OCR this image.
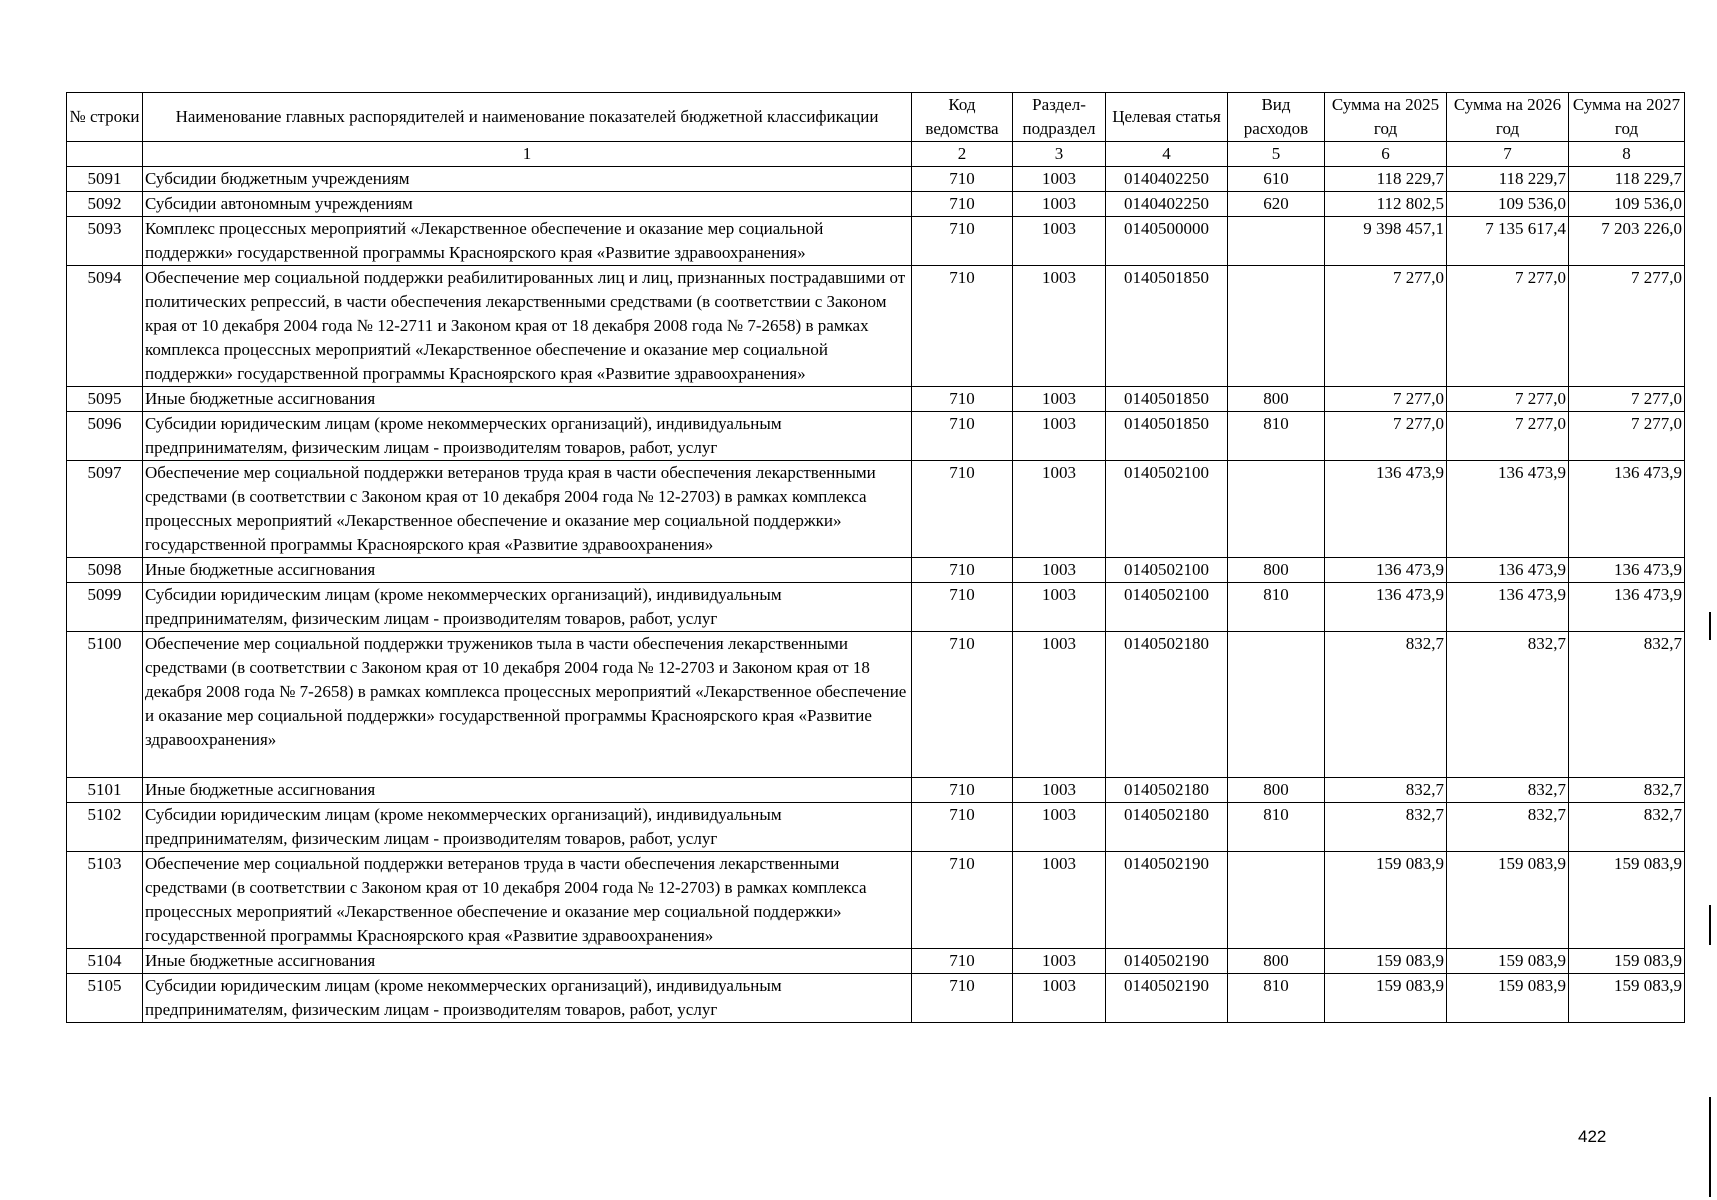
№ строки	Наименование главных распорядителей и наименование показателей бюджетной классификации	Код ведомства	Раздел-подраздел	Целевая статья	Вид расходов	Сумма на 2025 год	Сумма на 2026 год	Сумма на 2027 год
	1	2	3	4	5	6	7	8
5091	Субсидии бюджетным учреждениям	710	1003	0140402250	610	118 229,7	118 229,7	118 229,7
5092	Субсидии автономным учреждениям	710	1003	0140402250	620	112 802,5	109 536,0	109 536,0
5093	Комплекс процессных мероприятий «Лекарственное обеспечение и оказание мер социальной поддержки» государственной программы Красноярского края «Развитие здравоохранения»	710	1003	0140500000		9 398 457,1	7 135 617,4	7 203 226,0
5094	Обеспечение мер социальной поддержки реабилитированных лиц и лиц, признанных пострадавшими от политических репрессий, в части обеспечения лекарственными средствами (в соответствии с Законом края от 10 декабря 2004 года № 12-2711 и Законом края от 18 декабря 2008 года № 7-2658) в рамках комплекса процессных мероприятий «Лекарственное обеспечение и оказание мер социальной поддержки» государственной программы Красноярского края «Развитие здравоохранения»	710	1003	0140501850		7 277,0	7 277,0	7 277,0
5095	Иные бюджетные ассигнования	710	1003	0140501850	800	7 277,0	7 277,0	7 277,0
5096	Субсидии юридическим лицам (кроме некоммерческих организаций), индивидуальным предпринимателям, физическим лицам - производителям товаров, работ, услуг	710	1003	0140501850	810	7 277,0	7 277,0	7 277,0
5097	Обеспечение мер социальной поддержки ветеранов труда края в части обеспечения лекарственными средствами (в соответствии с Законом края от 10 декабря 2004 года № 12-2703) в рамках комплекса процессных мероприятий «Лекарственное обеспечение и оказание мер социальной поддержки» государственной программы Красноярского края «Развитие здравоохранения»	710	1003	0140502100		136 473,9	136 473,9	136 473,9
5098	Иные бюджетные ассигнования	710	1003	0140502100	800	136 473,9	136 473,9	136 473,9
5099	Субсидии юридическим лицам (кроме некоммерческих организаций), индивидуальным предпринимателям, физическим лицам - производителям товаров, работ, услуг	710	1003	0140502100	810	136 473,9	136 473,9	136 473,9
5100	Обеспечение мер социальной поддержки тружеников тыла в части обеспечения лекарственными средствами (в соответствии с Законом края от 10 декабря 2004 года № 12-2703 и Законом края от 18 декабря 2008 года № 7-2658) в рамках комплекса процессных мероприятий «Лекарственное обеспечение и оказание мер социальной поддержки» государственной программы Красноярского края «Развитие здравоохранения»	710	1003	0140502180		832,7	832,7	832,7
5101	Иные бюджетные ассигнования	710	1003	0140502180	800	832,7	832,7	832,7
5102	Субсидии юридическим лицам (кроме некоммерческих организаций), индивидуальным предпринимателям, физическим лицам - производителям товаров, работ, услуг	710	1003	0140502180	810	832,7	832,7	832,7
5103	Обеспечение мер социальной поддержки ветеранов труда в части обеспечения лекарственными средствами (в соответствии с Законом края от 10 декабря 2004 года № 12-2703) в рамках комплекса процессных мероприятий «Лекарственное обеспечение и оказание мер социальной поддержки» государственной программы Красноярского края «Развитие здравоохранения»	710	1003	0140502190		159 083,9	159 083,9	159 083,9
5104	Иные бюджетные ассигнования	710	1003	0140502190	800	159 083,9	159 083,9	159 083,9
5105	Субсидии юридическим лицам (кроме некоммерческих организаций), индивидуальным предпринимателям, физическим лицам - производителям товаров, работ, услуг	710	1003	0140502190	810	159 083,9	159 083,9	159 083,9
422
